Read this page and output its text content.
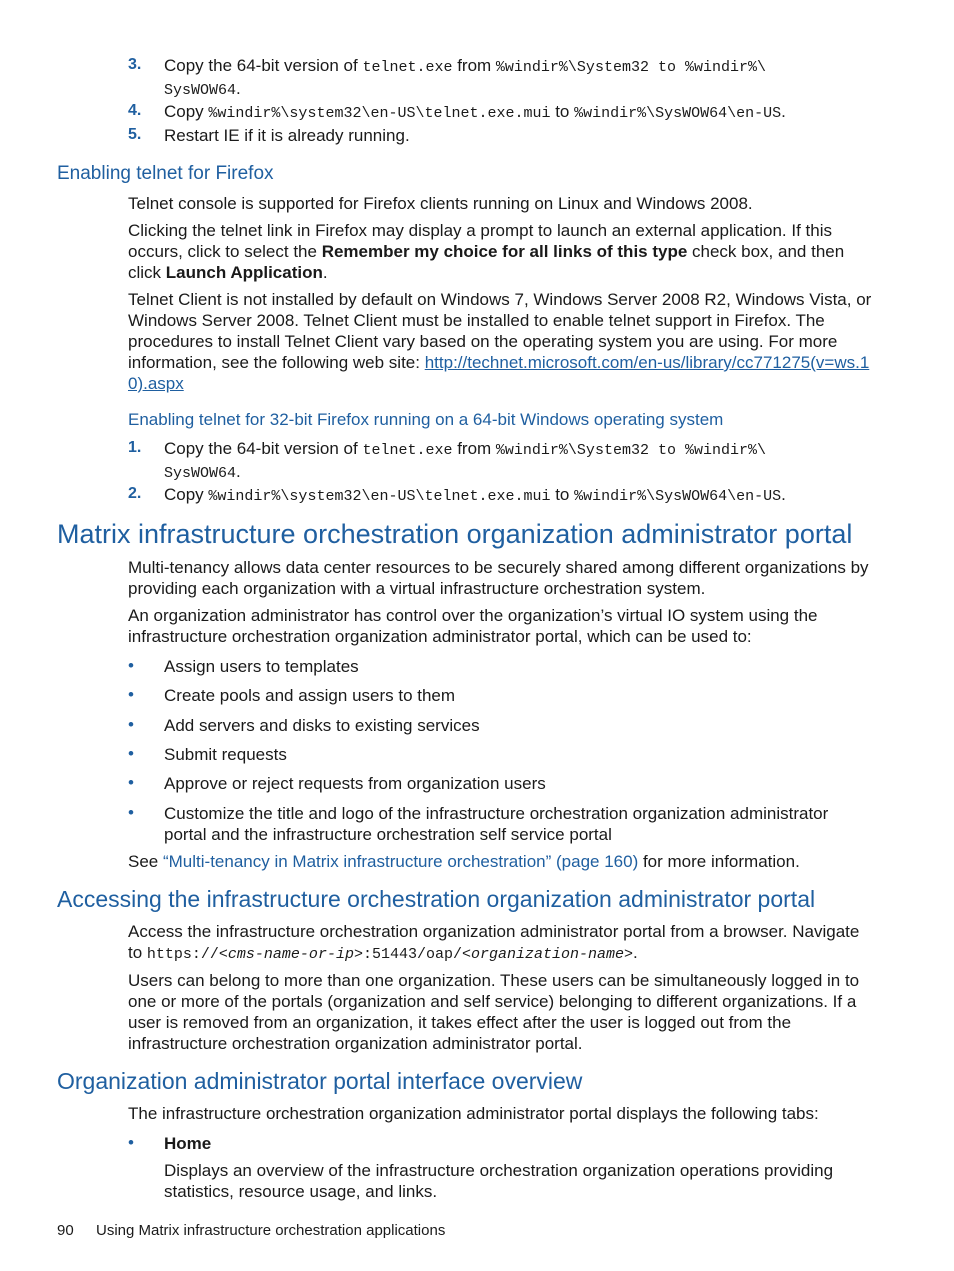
3. Copy the 64-bit version of telnet.exe from %windir%\System32 to %windir%\
SysWOW64.
4. Copy %windir%\system32\en-US\telnet.exe.mui to %windir%\SysWOW64\en-US.
5. Restart IE if it is already running.
Enabling telnet for Firefox
Telnet console is supported for Firefox clients running on Linux and Windows 2008.
Clicking the telnet link in Firefox may display a prompt to launch an external application. If this occurs, click to select the Remember my choice for all links of this type check box, and then click Launch Application.
Telnet Client is not installed by default on Windows 7, Windows Server 2008 R2, Windows Vista, or Windows Server 2008. Telnet Client must be installed to enable telnet support in Firefox. The procedures to install Telnet Client vary based on the operating system you are using. For more information, see the following web site: http://technet.microsoft.com/en-us/library/cc771275(v=ws.10).aspx
Enabling telnet for 32-bit Firefox running on a 64-bit Windows operating system
1. Copy the 64-bit version of telnet.exe from %windir%\System32 to %windir%\
SysWOW64.
2. Copy %windir%\system32\en-US\telnet.exe.mui to %windir%\SysWOW64\en-US.
Matrix infrastructure orchestration organization administrator portal
Multi-tenancy allows data center resources to be securely shared among different organizations by providing each organization with a virtual infrastructure orchestration system.
An organization administrator has control over the organization’s virtual IO system using the infrastructure orchestration organization administrator portal, which can be used to:
• Assign users to templates
• Create pools and assign users to them
• Add servers and disks to existing services
• Submit requests
• Approve or reject requests from organization users
• Customize the title and logo of the infrastructure orchestration organization administrator portal and the infrastructure orchestration self service portal
See “Multi-tenancy in Matrix infrastructure orchestration” (page 160) for more information.
Accessing the infrastructure orchestration organization administrator portal
Access the infrastructure orchestration organization administrator portal from a browser. Navigate to https://<cms-name-or-ip>:51443/oap/<organization-name>.
Users can belong to more than one organization. These users can be simultaneously logged in to one or more of the portals (organization and self service) belonging to different organizations. If a user is removed from an organization, it takes effect after the user is logged out from the infrastructure orchestration organization administrator portal.
Organization administrator portal interface overview
The infrastructure orchestration organization administrator portal displays the following tabs:
• Home
Displays an overview of the infrastructure orchestration organization operations providing statistics, resource usage, and links.
90 Using Matrix infrastructure orchestration applications
